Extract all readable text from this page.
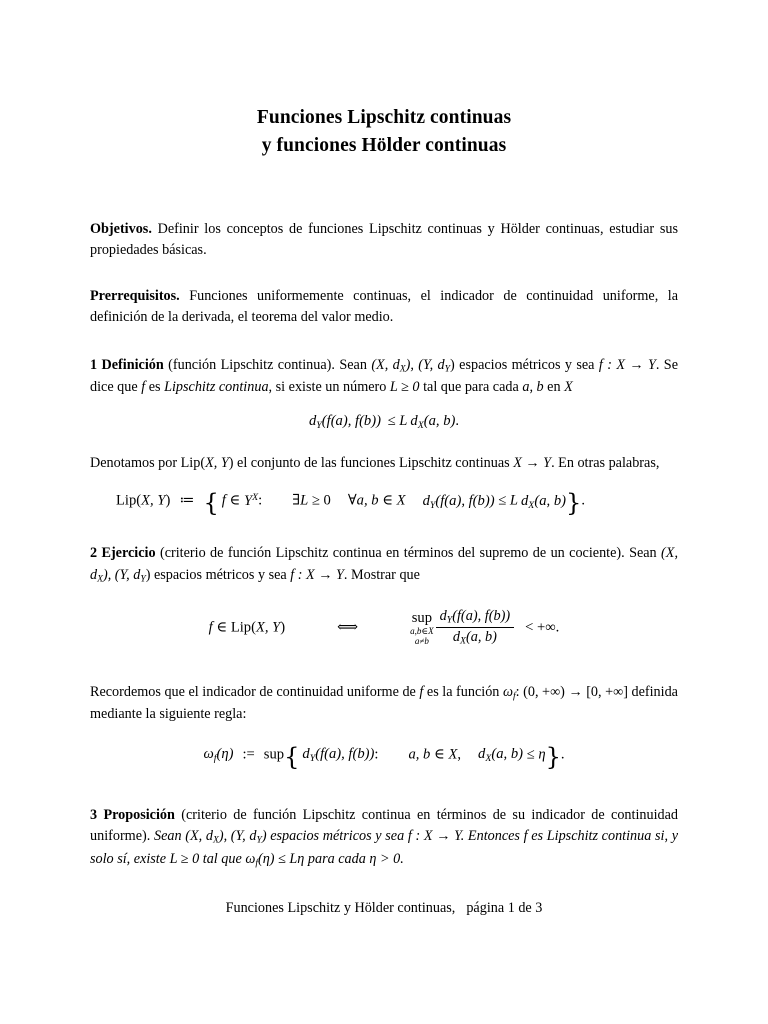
Funciones Lipschitz continuas
y funciones Hölder continuas

Objetivos. Definir los conceptos de funciones Lipschitz continuas y Hölder continuas, estudiar sus propiedades básicas.

Prerrequisitos. Funciones uniformemente continuas, el indicador de continuidad uniforme, la definición de la derivada, el teorema del valor medio.

1 Definición (función Lipschitz continua). Sean (X, $d_X$), (Y, $d_Y$) espacios métricos y sea f : X → Y. Se dice que f es Lipschitz continua, si existe un número L ≥ 0 tal que para cada a, b en X

$d_Y(f(a)$, f(b)) ≤ L $d_X(a$, b).

Denotamos por Lip(X, Y) el conjunto de las funciones Lipschitz continuas X → Y. En otras palabras,

Lip(X, Y) ≔ { f ∈ $Y^X$: ∃L ≥ 0 ∀a, b ∈ X $d_Y(f(a)$, f(b)) ≤ L $d_X(a$, b)}.

2 Ejercicio (criterio de función Lipschitz continua en términos del supremo de un cociente). Sean (X, $d_X$), (Y, $d_Y$) espacios métricos y sea f : X → Y. Mostrar que

f ∈ Lip(X, Y)	⟺
sup
a,b∈X
$a\ne b \frac{d_Y(f(a), f(b))}{d_X(a, b)}$ < +∞.

Recordemos que el indicador de continuidad uniforme de f es la función $\omega_f$: (0, +∞) → [0, +∞] definida mediante la siguiente regla:

$\omega_f(\eta)$ := sup{ $d_Y(f(a)$, f(b)): a, b ∈ X, $d_X(a$, b) ≤ η}.

3 Proposición (criterio de función Lipschitz continua en términos de su indicador de continuidad uniforme). Sean (X, $d_X$), (Y, $d_Y$) espacios métricos y sea f : X → Y. Entonces f es Lipschitz continua si, y solo sí, existe L ≥ 0 tal que $\omega_f(\eta) \le L\eta$ para cada η > 0.

Funciones Lipschitz y Hölder continuas, página 1 de 3
